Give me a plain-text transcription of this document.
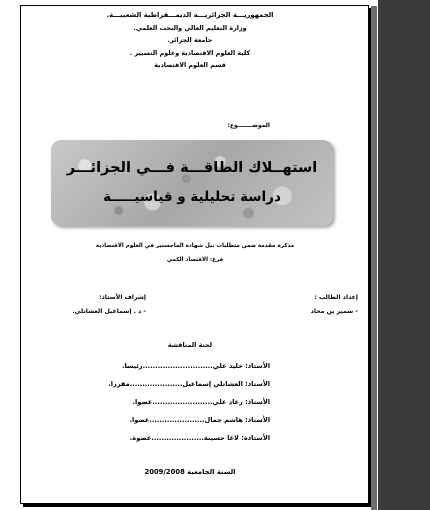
الجمهوريـــة الجزائريـــة الديمـــقراطية الشعبيـــة.
وزارة التعليم العالي والبحث العلمي.
جامعة الجزائر.
كلية العلوم الاقتصادية وعلوم التسيير .
قسم العلوم الاقتصادية
الموضـــــــوع:
استهــلاك الطاقـــة فـــي الجزائـــر
دراسة تحليلية و قياسيـــــة
مذكرة مقدمة ضمن متطلبات نيل شهادة الماجستير في العلوم الاقتصادية
فرع: الاقتصاد الكمي
إعداد الطالب :
- سمير بن محاد
إشراف الأستاذ:
- د . إسماعيل العشاتلي.
لجنة المناقشة
الأستاذ: خليد علي............................رئيسا.
الأستاذ: العشاتلي إسماعيل.....................مقررا.
الأستاذ: رعاد علي........................عضوا.
الأستاذ: هاشم جمال......................عضوا.
الأستاذة: لاغا حسينة.....................عضوة.
السنة الجامعية 2009/2008
